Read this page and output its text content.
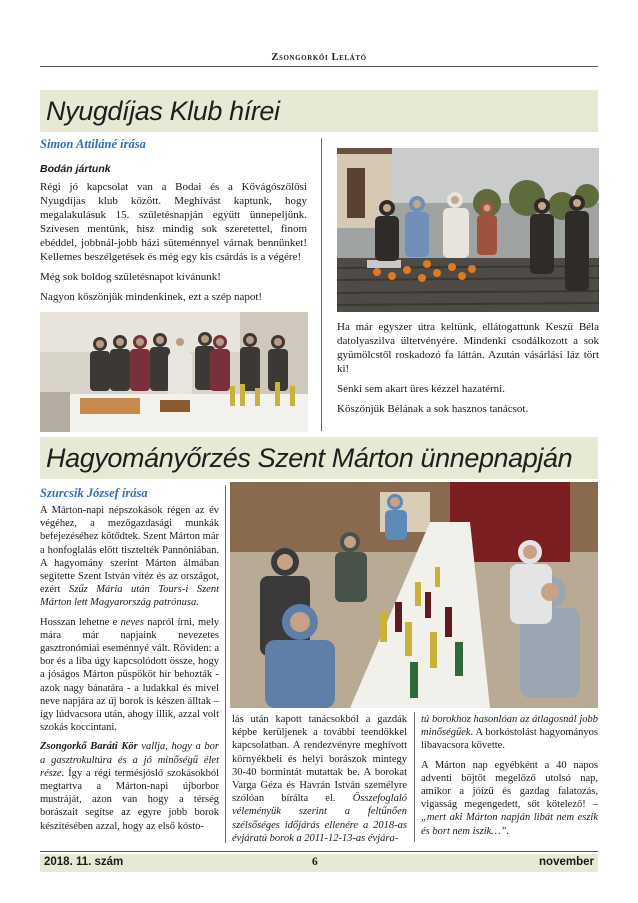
Zsongorkői Lelátó
Nyugdíjas Klub hírei
Simon Attiláné írása
Bodán jártunk

Régi jó kapcsolat van a Bodai és a Kővágószőlősi Nyugdíjas klub között. Meghívást kaptunk, hogy megalakulásuk 15. születésnapján együtt ünnepeljünk. Szívesen mentünk, hisz mindig sok szeretettel, finom ebéddel, jobbnál-jobb házi süteménnyel várnak bennünket! Kellemes beszélgetések és még egy kis csárdás is a végére!

Még sok boldog születésnapot kívánunk!

Nagyon köszönjük mindenkinek, ezt a szép napot!

Ha már egyszer útra keltünk, ellátogattunk Keszü Béla datolyaszilva ültetvényére. Mindenki csodálkozott a sok gyümölcstől roskadozó fa láttán. Azután vásárlási láz tört ki!

Senki sem akart üres kézzel hazatérni.

Köszönjük Bélának a sok hasznos tanácsot.

Hagyományőrzés Szent Márton ünnepnapján
Szurcsik József írása

A Márton-napi népszokások régen az év végéhez, a mezőgazdasági munkák befejezéséhez kötődtek. Szent Márton már a honfoglalás előtt tisztelték Pannóniában. A hagyomány szerint Márton álmában segítette Szent István vitéz és az országot, ezért Szűz Mária után Tours-i Szent Márton lett Magyarország patrónusa.

Hosszan lehetne e neves napról írni, mely mára már napjaink nevezetes gasztronómiai eseménnyé vált. Röviden: a bor és a liba úgy kapcsolódott össze, hogy a jóságos Márton püspököt hír behozták - azok nagy bánatára - a ludakkal és mivel neve napjára az új borok is készen álltak – így lúdvacsora után, ahogy illik, azzal volt szokás koccintani.

Zsongorkő Baráti Kör vallja, hogy a bor a gasztrokultúra és a jó minőségű élet része. Így a régi termésjósló szokásokból megtartva a Márton-napi újborbor mustráját, azon van hogy a térség borászait segítse az egyre jobb borok készítésében azzal, hogy az első kósto-

lás után kapott tanácsokból a gazdák képbe kerüljenek a további teendőkkel kapcsolatban. A rendezvényre meghívott környékbeli és helyi borászok mintegy 30-40 bormintát mutattak be. A borokat Varga Géza és Havrán István személyre szólóan bírálta el. Összefoglaló véleményük szerint a feltűnően szélsőséges időjárás ellenére a 2018-as évjáratú borok a 2011-12-13-as évjára-

tú borokhoz hasonlóan az átlagosnál jobb minőségűek. A borkóstolást hagyományos libavacsora követte.

A Márton nap egyébként a 40 napos adventi böjtöt megelőző utolsó nap, amikor a jóízű és gazdag falatozás, vigasság megengedett, sőt kötelező! – „mert aki Márton napján libát nem eszik és bort nem iszik…”.

2018. 11. szám	6	november
